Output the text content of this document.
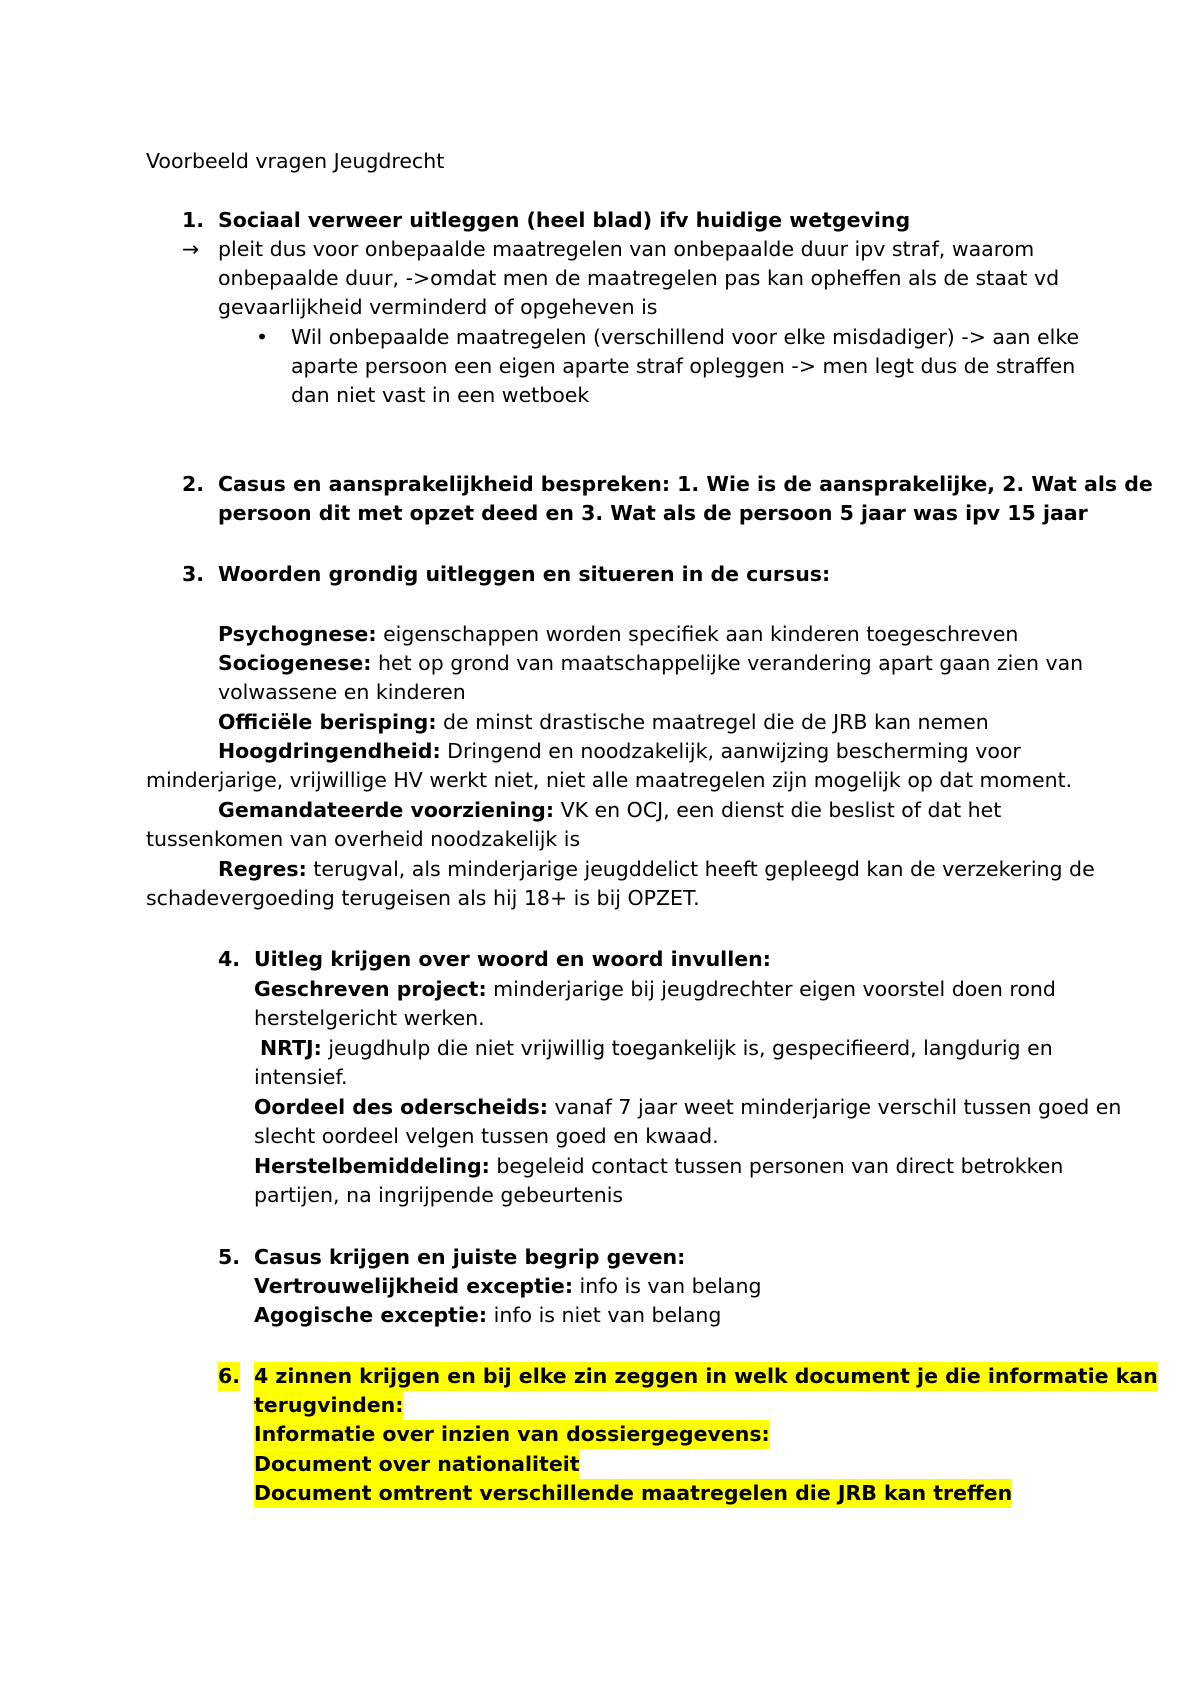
Voorbeeld vragen Jeugdrecht
1. Sociaal verweer uitleggen (heel blad) ifv huidige wetgeving
→ pleit dus voor onbepaalde maatregelen van onbepaalde duur ipv straf, waarom
onbepaalde duur, ->omdat men de maatregelen pas kan opheffen als de staat vd
gevaarlijkheid verminderd of opgeheven is
• Wil onbepaalde maatregelen (verschillend voor elke misdadiger) -> aan elke
aparte persoon een eigen aparte straf opleggen -> men legt dus de straffen
dan niet vast in een wetboek
2. Casus en aansprakelijkheid bespreken: 1. Wie is de aansprakelijke, 2. Wat als de
persoon dit met opzet deed en 3. Wat als de persoon 5 jaar was ipv 15 jaar
3. Woorden grondig uitleggen en situeren in de cursus:
Psychognese: eigenschappen worden specifiek aan kinderen toegeschreven
Sociogenese: het op grond van maatschappelijke verandering apart gaan zien van
volwassene en kinderen
Officiële berisping: de minst drastische maatregel die de JRB kan nemen
Hoogdringendheid: Dringend en noodzakelijk, aanwijzing bescherming voor
minderjarige, vrijwillige HV werkt niet, niet alle maatregelen zijn mogelijk op dat moment.
Gemandateerde voorziening: VK en OCJ, een dienst die beslist of dat het
tussenkomen van overheid noodzakelijk is
Regres: terugval, als minderjarige jeugddelict heeft gepleegd kan de verzekering de
schadevergoeding terugeisen als hij 18+ is bij OPZET.
4. Uitleg krijgen over woord en woord invullen:
Geschreven project: minderjarige bij jeugdrechter eigen voorstel doen rond
herstelgericht werken.
NRTJ: jeugdhulp die niet vrijwillig toegankelijk is, gespecifieerd, langdurig en
intensief.
Oordeel des oderscheids: vanaf 7 jaar weet minderjarige verschil tussen goed en
slecht oordeel velgen tussen goed en kwaad.
Herstelbemiddeling: begeleid contact tussen personen van direct betrokken
partijen, na ingrijpende gebeurtenis
5. Casus krijgen en juiste begrip geven:
Vertrouwelijkheid exceptie: info is van belang
Agogische exceptie: info is niet van belang
6. 4 zinnen krijgen en bij elke zin zeggen in welk document je die informatie kan
terugvinden:
Informatie over inzien van dossiergegevens:
Document over nationaliteit
Document omtrent verschillende maatregelen die JRB kan treffen
